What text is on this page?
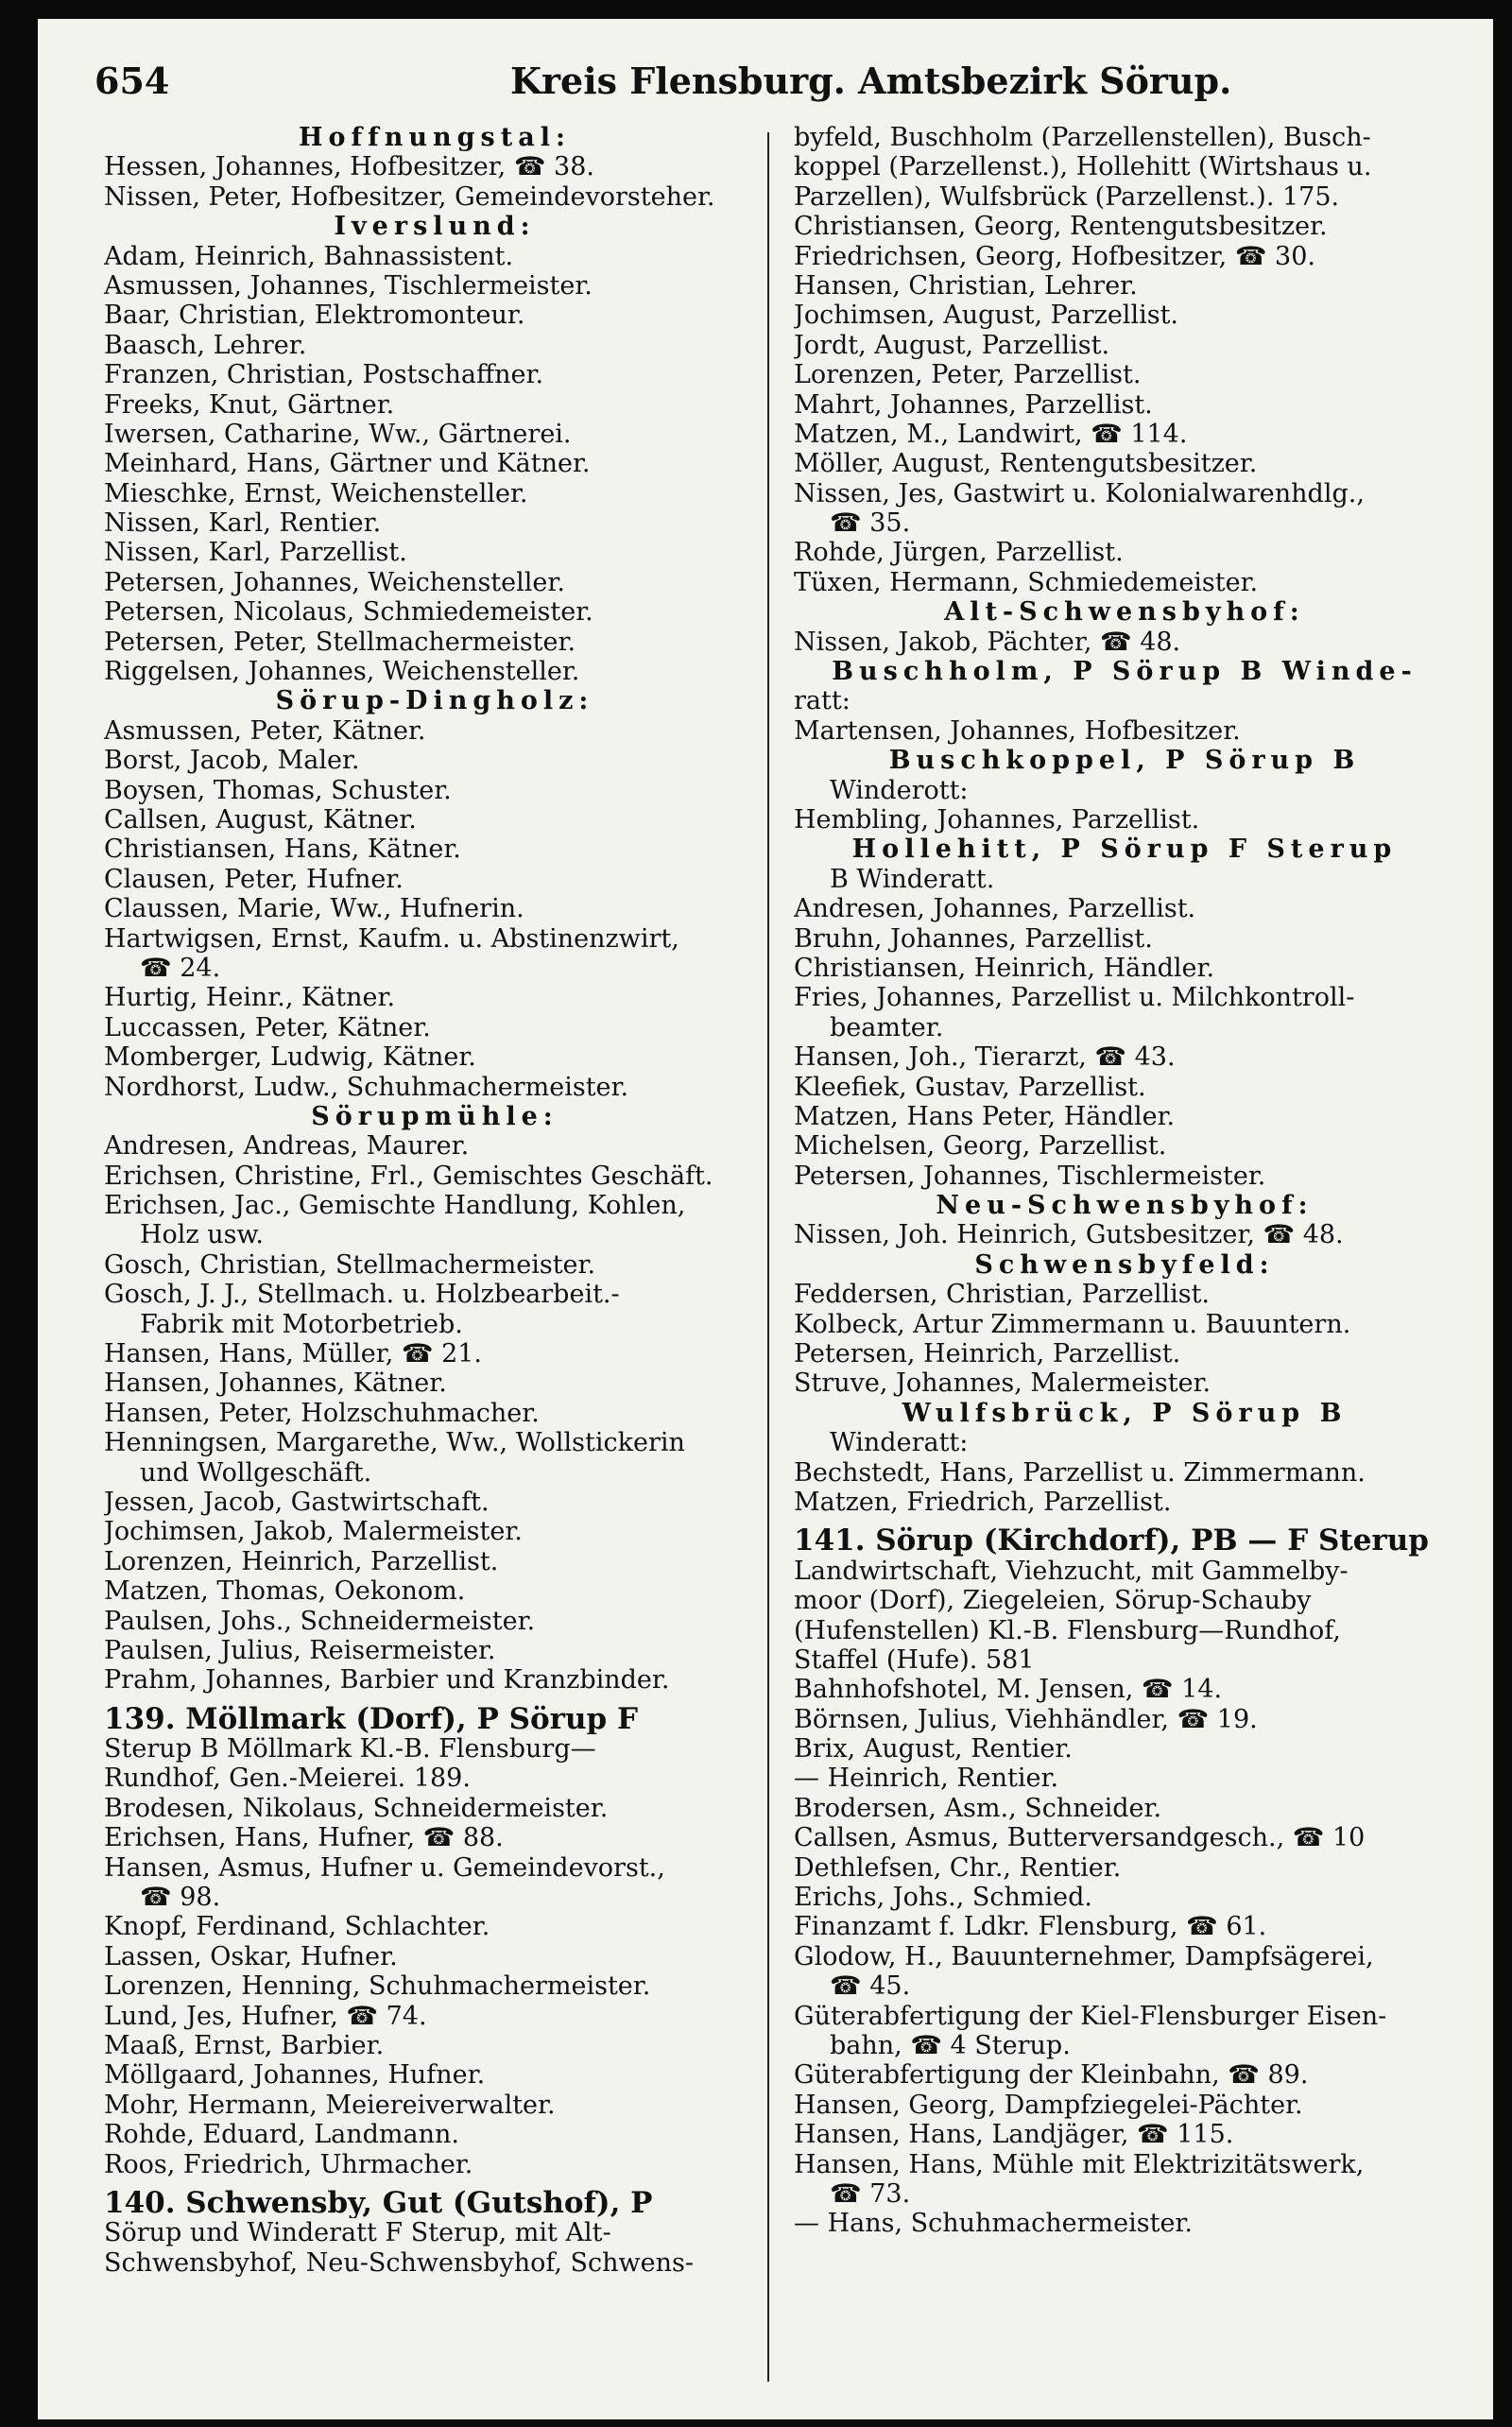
654	Kreis Flensburg. Amtsbezirk Sörup.
Hoffnungstal:
Hessen, Johannes, Hofbesitzer, ☎ 38.
Nissen, Peter, Hofbesitzer, Gemeindevorsteher.
Iverslund:
Adam, Heinrich, Bahnassistent.
Asmussen, Johannes, Tischlermeister.
Baar, Christian, Elektromonteur.
Baasch, Lehrer.
Franzen, Christian, Postschaffner.
Freeks, Knut, Gärtner.
Iwersen, Catharine, Ww., Gärtnerei.
Meinhard, Hans, Gärtner und Kätner.
Mieschke, Ernst, Weichensteller.
Nissen, Karl, Rentier.
Nissen, Karl, Parzellist.
Petersen, Johannes, Weichensteller.
Petersen, Nicolaus, Schmiedemeister.
Petersen, Peter, Stellmachermeister.
Riggelsen, Johannes, Weichensteller.
Sörup-Dingholz:
Asmussen, Peter, Kätner.
Borst, Jacob, Maler.
Boysen, Thomas, Schuster.
Callsen, August, Kätner.
Christiansen, Hans, Kätner.
Clausen, Peter, Hufner.
Claussen, Marie, Ww., Hufnerin.
Hartwigsen, Ernst, Kaufm. u. Abstinenzwirt,
☎ 24.
Hurtig, Heinr., Kätner.
Luccassen, Peter, Kätner.
Momberger, Ludwig, Kätner.
Nordhorst, Ludw., Schuhmachermeister.
Sörupmühle:
Andresen, Andreas, Maurer.
Erichsen, Christine, Frl., Gemischtes Geschäft.
Erichsen, Jac., Gemischte Handlung, Kohlen,
Holz usw.
Gosch, Christian, Stellmachermeister.
Gosch, J. J., Stellmach. u. Holzbearbeit.-
Fabrik mit Motorbetrieb.
Hansen, Hans, Müller, ☎ 21.
Hansen, Johannes, Kätner.
Hansen, Peter, Holzschuhmacher.
Henningsen, Margarethe, Ww., Wollstickerin
und Wollgeschäft.
Jessen, Jacob, Gastwirtschaft.
Jochimsen, Jakob, Malermeister.
Lorenzen, Heinrich, Parzellist.
Matzen, Thomas, Oekonom.
Paulsen, Johs., Schneidermeister.
Paulsen, Julius, Reisermeister.
Prahm, Johannes, Barbier und Kranzbinder.
139. Möllmark (Dorf), P Sörup F
Sterup B Möllmark Kl.-B. Flensburg—
Rundhof, Gen.-Meierei. 189.
Brodesen, Nikolaus, Schneidermeister.
Erichsen, Hans, Hufner, ☎ 88.
Hansen, Asmus, Hufner u. Gemeindevorst.,
☎ 98.
Knopf, Ferdinand, Schlachter.
Lassen, Oskar, Hufner.
Lorenzen, Henning, Schuhmachermeister.
Lund, Jes, Hufner, ☎ 74.
Maaß, Ernst, Barbier.
Möllgaard, Johannes, Hufner.
Mohr, Hermann, Meiereiverwalter.
Rohde, Eduard, Landmann.
Roos, Friedrich, Uhrmacher.
140. Schwensby, Gut (Gutshof), P
Sörup und Winderatt F Sterup, mit Alt-
Schwensbyhof, Neu-Schwensbyhof, Schwens-
byfeld, Buschholm (Parzellenstellen), Busch-
koppel (Parzellenst.), Hollehitt (Wirtshaus u.
Parzellen), Wulfsbrück (Parzellenst.). 175.
Christiansen, Georg, Rentengutsbesitzer.
Friedrichsen, Georg, Hofbesitzer, ☎ 30.
Hansen, Christian, Lehrer.
Jochimsen, August, Parzellist.
Jordt, August, Parzellist.
Lorenzen, Peter, Parzellist.
Mahrt, Johannes, Parzellist.
Matzen, M., Landwirt, ☎ 114.
Möller, August, Rentengutsbesitzer.
Nissen, Jes, Gastwirt u. Kolonialwarenhdlg.,
☎ 35.
Rohde, Jürgen, Parzellist.
Tüxen, Hermann, Schmiedemeister.
Alt-Schwensbyhof:
Nissen, Jakob, Pächter, ☎ 48.
Buschholm, P Sörup B Winde-
ratt:
Martensen, Johannes, Hofbesitzer.
Buschkoppel, P Sörup B
Winderott:
Hembling, Johannes, Parzellist.
Hollehitt, P Sörup F Sterup
B Winderatt.
Andresen, Johannes, Parzellist.
Bruhn, Johannes, Parzellist.
Christiansen, Heinrich, Händler.
Fries, Johannes, Parzellist u. Milchkontroll-
beamter.
Hansen, Joh., Tierarzt, ☎ 43.
Kleefiek, Gustav, Parzellist.
Matzen, Hans Peter, Händler.
Michelsen, Georg, Parzellist.
Petersen, Johannes, Tischlermeister.
Neu-Schwensbyhof:
Nissen, Joh. Heinrich, Gutsbesitzer, ☎ 48.
Schwensbyfeld:
Feddersen, Christian, Parzellist.
Kolbeck, Artur Zimmermann u. Bauuntern.
Petersen, Heinrich, Parzellist.
Struve, Johannes, Malermeister.
Wulfsbrück, P Sörup B
Winderatt:
Bechstedt, Hans, Parzellist u. Zimmermann.
Matzen, Friedrich, Parzellist.
141. Sörup (Kirchdorf), PB — F Sterup
Landwirtschaft, Viehzucht, mit Gammelby-
moor (Dorf), Ziegeleien, Sörup-Schauby
(Hufenstellen) Kl.-B. Flensburg—Rundhof,
Staffel (Hufe). 581
Bahnhofshotel, M. Jensen, ☎ 14.
Börnsen, Julius, Viehhändler, ☎ 19.
Brix, August, Rentier.
— Heinrich, Rentier.
Brodersen, Asm., Schneider.
Callsen, Asmus, Butterversandgesch., ☎ 10
Dethlefsen, Chr., Rentier.
Erichs, Johs., Schmied.
Finanzamt f. Ldkr. Flensburg, ☎ 61.
Glodow, H., Bauunternehmer, Dampfsägerei,
☎ 45.
Güterabfertigung der Kiel-Flensburger Eisen-
bahn, ☎ 4 Sterup.
Güterabfertigung der Kleinbahn, ☎ 89.
Hansen, Georg, Dampfziegelei-Pächter.
Hansen, Hans, Landjäger, ☎ 115.
Hansen, Hans, Mühle mit Elektrizitätswerk,
☎ 73.
— Hans, Schuhmachermeister.
